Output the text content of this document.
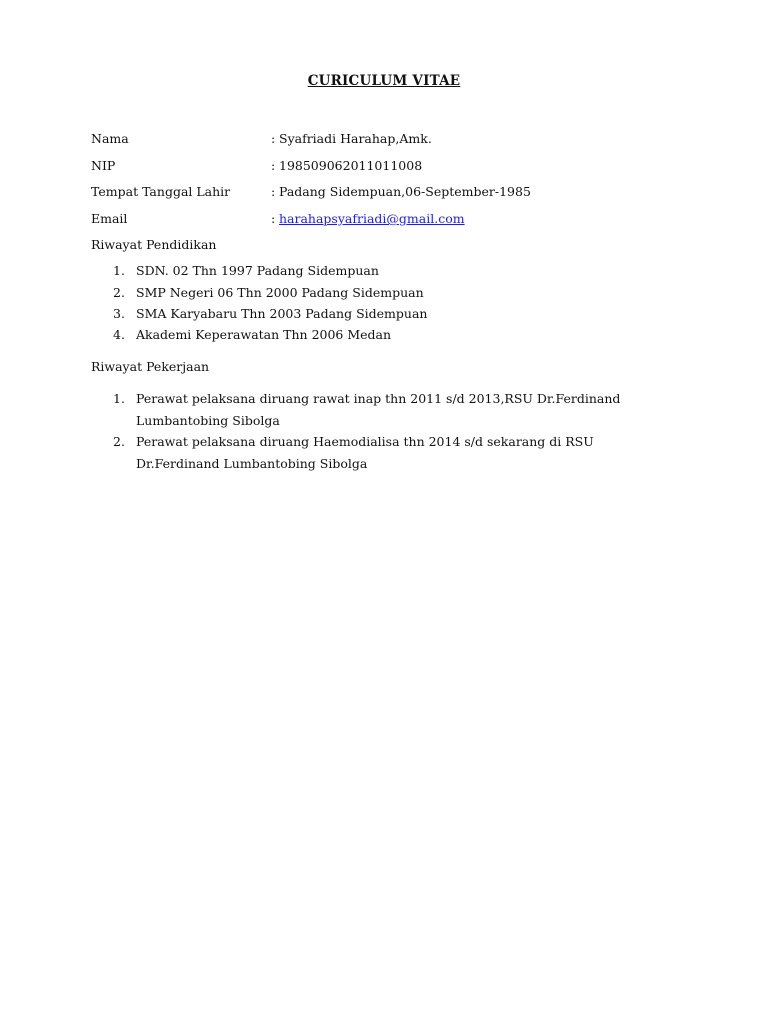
CURICULUM VITAE
Nama	: Syafriadi Harahap,Amk.
NIP	: 198509062011011008
Tempat Tanggal Lahir	: Padang Sidempuan,06-September-1985
Email	: harahapsyafriadi@gmail.com
Riwayat Pendidikan
1. SDN. 02 Thn 1997 Padang Sidempuan
2. SMP Negeri 06 Thn 2000 Padang Sidempuan
3. SMA Karyabaru Thn 2003 Padang Sidempuan
4. Akademi Keperawatan Thn 2006 Medan
Riwayat Pekerjaan
1. Perawat pelaksana diruang rawat inap thn 2011 s/d 2013,RSU Dr.Ferdinand
Lumbantobing Sibolga
2. Perawat pelaksana diruang Haemodialisa thn 2014 s/d sekarang di RSU
Dr.Ferdinand Lumbantobing Sibolga
